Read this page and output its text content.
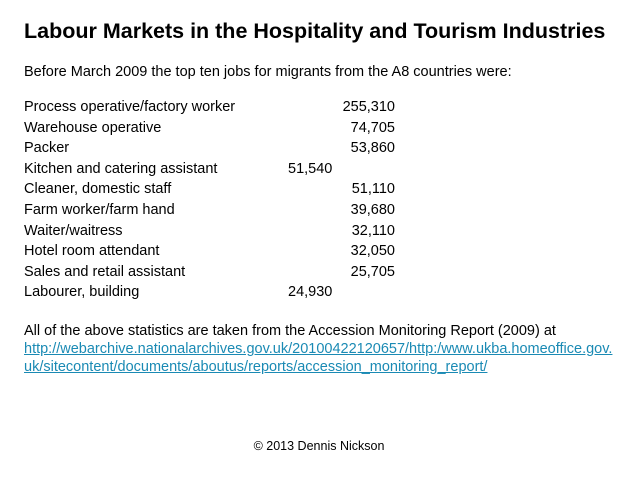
Labour Markets in the Hospitality and Tourism Industries

Before March 2009 the top ten jobs for migrants from the A8 countries were:

Process operative/factory worker	255,310
Warehouse operative	74,705
Packer	53,860
Kitchen and catering assistant	51,540
Cleaner, domestic staff	51,110
Farm worker/farm hand	39,680
Waiter/waitress	32,110
Hotel room attendant	32,050
Sales and retail assistant	25,705
Labourer, building	24,930

All of the above statistics are taken from the Accession Monitoring Report (2009) at
http://webarchive.nationalarchives.gov.uk/20100422120657/http:/www.ukba.homeoffice.gov.uk/sitecontent/documents/aboutus/reports/accession_monitoring_report/

© 2013 Dennis Nickson
